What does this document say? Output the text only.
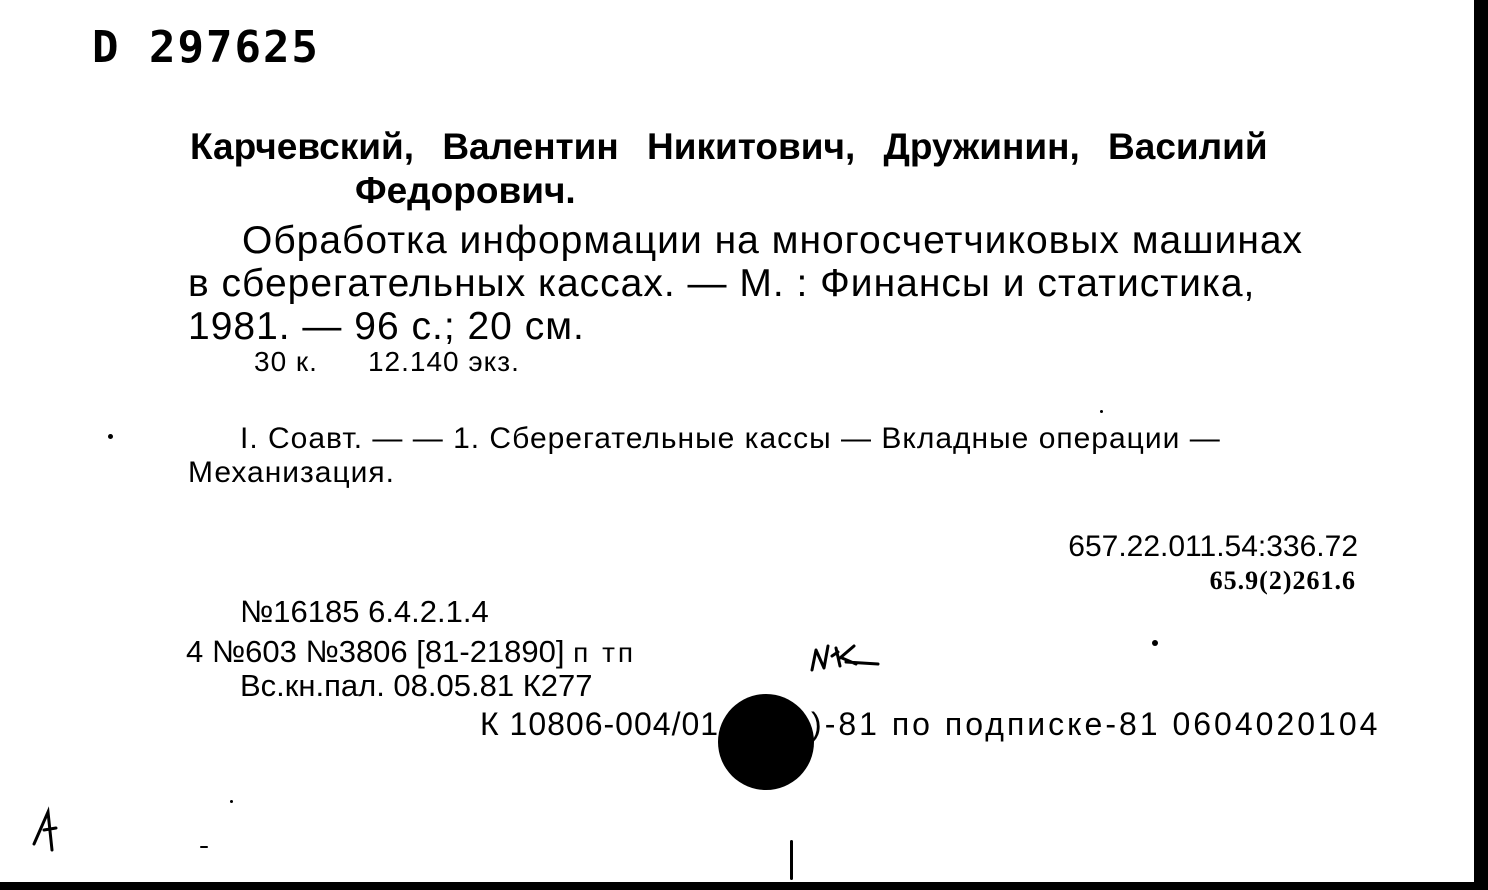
D 297625
Карчевский, Валентин Никитович, Дружинин, Василий
Федорович.
Обработка информации на многосчетчиковых машинах
в сберегательных кассах. — М. : Финансы и статистика,
1981. — 96 с.; 20 см.
30 к. 12.140 экз.
I. Соавт. — — 1. Сберегательные кассы — Вкладные операции —
Механизация.
657.22.011.54:336.72
65.9(2)261.6
№16185 6.4.2.1.4
4 №603 №3806 [81-21890] п тп
Вс.кн.пал. 08.05.81 К277
К 10806-004/01	)-81 по подписке-81 0604020104
